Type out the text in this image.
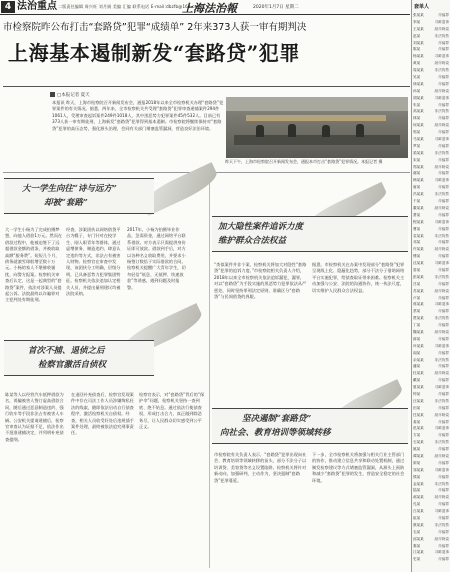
4 法治重点 二版责任编辑 周兴旺 刘月娟 美编 汇编 联系电话 E-mail:dbzfb@163.com
上海法治報	2020年1月7日 星期二
市检察院昨公布打击“套路贷”犯罪“成绩单” 2年来373人获一审有期判决
上海基本遏制新发“套路贷”犯罪
□本报记者 夏天
本报讯 昨天，上海市检察院召开新闻发布会，通报2018年以来全市检察机关办理“套路贷”犯罪案件的有关情况。据悉，两年来，全市检察机关共受理“套路贷”犯罪审查逮捕案件294件1061人，受理审查起诉案件249件1018人，其中黑恶势力犯罪案件45件532人。目前已有373人获一审有期徒刑，上海新发“套路贷”犯罪得到基本遏制。市检察院将继续保持对“套路贷”犯罪的高压态势，强化源头治理，会同有关部门堵塞监管漏洞，营造良好法治环境。
昨天下午，上海市检察院召开新闻发布会，通报本市打击“套路贷”犯罪情况。本报记者 摄
大一学生向往“诗与远方”
却被“套路”
大一学生小杨为了完成拍摄梦想，向他人借款1万元。然而在借款过程中，他被迫签下了远超借款金额的借条，并被收取高额“服务费”。短短几个月，债务就滚雪球般增至数十万元。小杨的家人不堪催收骚扰，向警方报案。检察机关审查后认定，这是一起典型的“套路贷”案件，依法对涉案人员提起公诉。法院最终以诈骗罪对主犯判处有期徒刑。
经查，涉案团伙以网络借贷平台为幌子，专门针对在校学生、刚入职青年等群体，通过虚增债务、制造违约、肆意认定违约等方式，非法占有被害人财物。检察官在审查中发现，该团伙分工明确，层级分明，已具备恶势力犯罪集团特征。检察机关依法追加认定相关人员，并提出量刑建议均被法院采纳。
2017年，小杨为拍摄毕业作品，急需资金，通过网络平台联系借款。对方表示只需提供身份证即可放款。借款到手后，对方以各种名义收取费用，并要求小杨签订数倍于实际借款的合同。检察机关提醒广大青年学生，切勿轻信“低息、无抵押、快速放款”等诱惑，遇到问题及时报警。
加大隐性案件追诉力度
维护群众合法权益
“类似案件并非个案，检察机关将加大对隐性“套路贷”犯罪的追诉力度。”市检察院相关负责人介绍，2018年以来全市检察机关依法追诉漏犯、漏罪，对以“套路贷”为手段实施的黑恶势力犯罪依法从严惩处，同时坚持罪刑法定原则，准确区分“套路贷”与民间借贷的界限。
据悉，市检察机关在办案中发现部分“套路贷”犯罪呈现线上化、隐蔽化趋势，部分不法分子借助网络平台实施犯罪，给侦查取证带来困难。检察机关主动加强与公安、法院的沟通协作，统一执法尺度，切实维护人民群众合法权益。
首次不捕、退侦之后
检察官激活自侦权
陈某等人以经营汽车抵押借款为名，诱骗被害人签订虚高借款合同，随后通过恶意制造违约、强行收车等手段非法占有被害人车辆。公安机关提请逮捕后，检察官审查认为证据不足，依法作出不批准逮捕决定，并列明补充侦查提纲。
在退回补充侦查后，检察官发现案件中存在司法工作人员涉嫌徇私枉法的线索，随即依法启动自行侦查程序，激活检察机关自侦权。经查，相关人员收受好处后违规插手案件处理，最终被依法追究刑事责任。
检察官表示，对“套路贷”背后的“保护伞”问题，检察机关坚持一查到底、绝不姑息。通过依法行使侦查权，形成打击合力，真正做到除恶务尽，让人民群众切实感受到公平正义。
坚决遏制“套路贷”
向社会、教育培训等领域转移
市检察院有关负责人表示，“套路贷”犯罪出现向社会、教育培训等领域转移的苗头，部分不法分子以培训贷、美容贷等名义设置陷阱。检察机关将针对新动向，加强研判，主动作为，坚决遏制“套路贷”犯罪蔓延。
下一步，全市检察机关将加强与相关行业主管部门的协作，推动建立信息共享和联动处置机制，通过制发检察建议等方式堵塞监管漏洞，从源头上预防和减少“套路贷”犯罪的发生，营造安全稳定的社会环境。
套单人
张某某	诈骗罪
李某	寻衅滋事
王某某	敲诈勒索
赵某	非法拘禁
刘某某	诈骗罪
陈某	诈骗罪
杨某某	寻衅滋事
黄某	敲诈勒索
周某某	非法拘禁
吴某	诈骗罪
徐某某	诈骗罪
孙某	敲诈勒索
胡某某	寻衅滋事
朱某	诈骗罪
高某某	非法拘禁
林某	诈骗罪
何某某	敲诈勒索
郭某	诈骗罪
马某某	寻衅滋事
罗某	诈骗罪
梁某某	非法拘禁
宋某	诈骗罪
郑某某	敲诈勒索
谢某	诈骗罪
韩某某	寻衅滋事
唐某	诈骗罪
冯某某	非法拘禁
于某	诈骗罪
董某某	敲诈勒索
萧某	诈骗罪
程某某	寻衅滋事
曹某	诈骗罪
袁某某	非法拘禁
邓某	诈骗罪
许某某	敲诈勒索
傅某	诈骗罪
沈某某	寻衅滋事
曾某	诈骗罪
彭某某	非法拘禁
吕某	诈骗罪
苏某某	敲诈勒索
卢某	诈骗罪
蒋某某	寻衅滋事
蔡某	诈骗罪
贾某某	非法拘禁
丁某	诈骗罪
魏某某	敲诈勒索
薛某	诈骗罪
叶某某	寻衅滋事
阎某	诈骗罪
余某某	非法拘禁
潘某	诈骗罪
杜某某	敲诈勒索
戴某	诈骗罪
夏某某	寻衅滋事
钟某	诈骗罪
汪某某	非法拘禁
田某	诈骗罪
任某某	敲诈勒索
姜某	诈骗罪
范某某	寻衅滋事
方某	诈骗罪
石某某	非法拘禁
姚某	诈骗罪
谭某某	敲诈勒索
廖某	诈骗罪
邹某某	寻衅滋事
熊某	诈骗罪
金某某	非法拘禁
陆某	诈骗罪
郝某某	敲诈勒索
孔某	诈骗罪
白某某	寻衅滋事
崔某	诈骗罪
康某某	非法拘禁
毛某	诈骗罪
邱某某	敲诈勒索
秦某	诈骗罪
江某某	寻衅滋事
史某	诈骗罪
